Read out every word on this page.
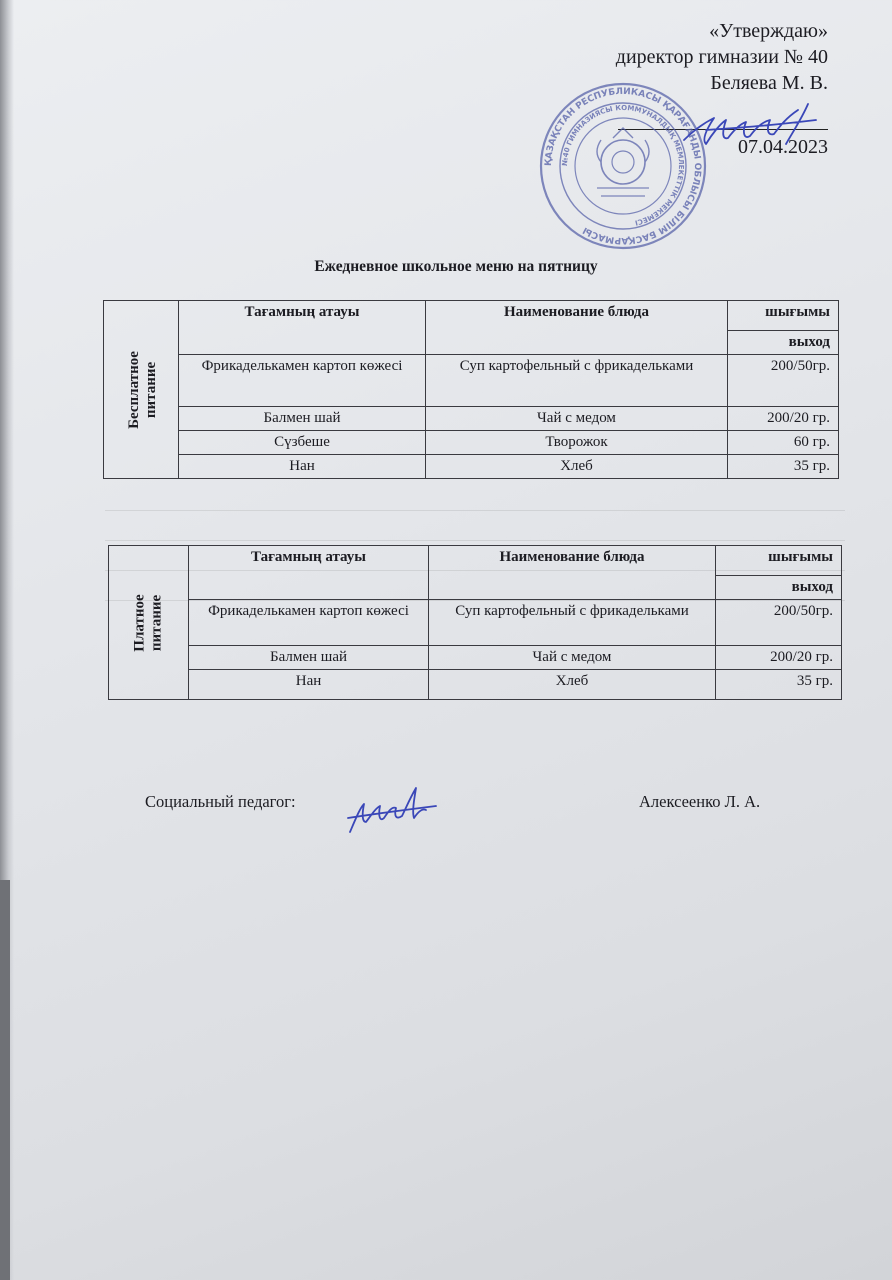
«Утверждаю»
директор гимназии № 40
Беляева М. В.
07.04.2023
ҚАЗАҚСТАН РЕСПУБЛИКАСЫ ҚАРАҒАНДЫ ОБЛЫСЫ БІЛІМ БАСҚАРМАСЫ
№40 ГИМНАЗИЯСЫ КОММУНАЛДЫҚ МЕМЛЕКЕТТІК МЕКЕМЕСІ
Ежедневное школьное меню на пятницу
Бесплатное
питание	Тағамның атауы	Наименование блюда	шығымы
			выход
	Фрикаделькамен картоп көжесі	Суп картофельный с фрикадельками	200/50гр.
	Балмен шай	Чай с медом	200/20 гр.
	Сүзбеше	Творожок	60 гр.
	Нан	Хлеб	35 гр.
Платное
питание	Тағамның атауы	Наименование блюда	шығымы
			выход
	Фрикаделькамен картоп көжесі	Суп картофельный с фрикадельками	200/50гр.
	Балмен шай	Чай с медом	200/20 гр.
	Нан	Хлеб	35 гр.
Социальный педагог:	Алексеенко Л. А.
